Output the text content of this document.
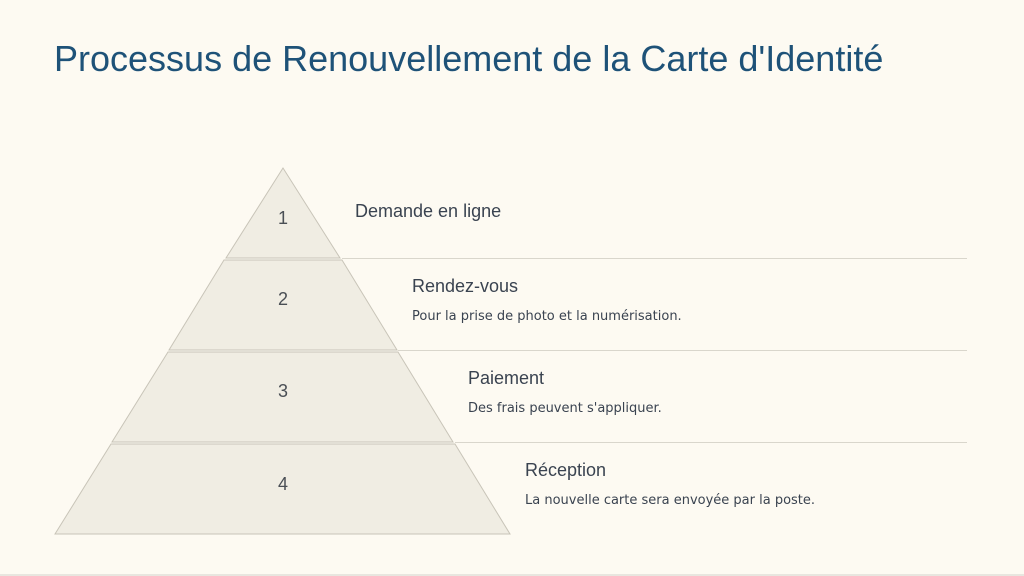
Processus de Renouvellement de la Carte d'Identité
1
2
3
4
Demande en ligne
Rendez-vous
Pour la prise de photo et la numérisation.
Paiement
Des frais peuvent s'appliquer.
Réception
La nouvelle carte sera envoyée par la poste.
